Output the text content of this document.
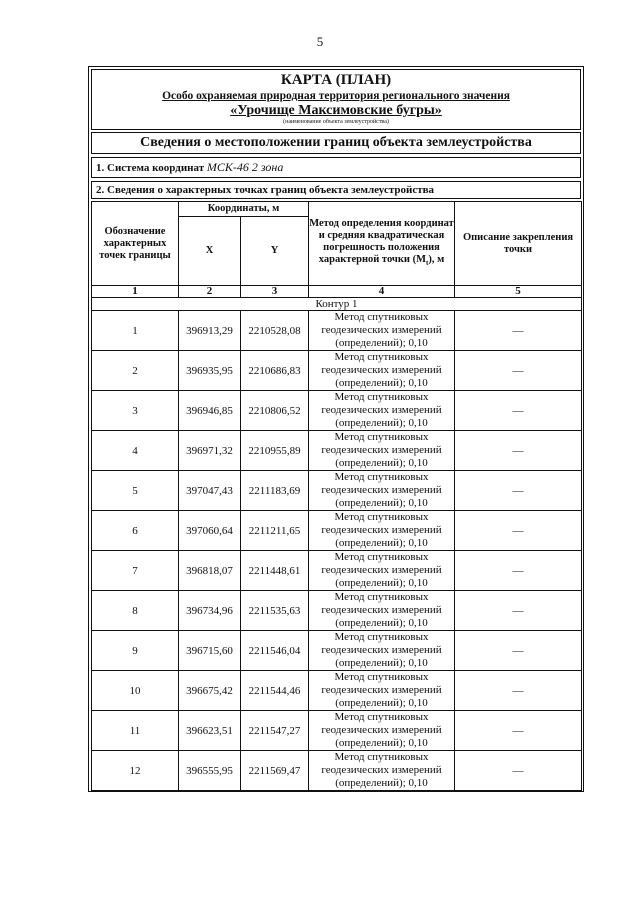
5
КАРТА (ПЛАН)
Особо охраняемая природная территория регионального значения
«Урочище Максимовские бугры»
(наименование объекта землеустройства)
Сведения о местоположении границ объекта землеустройства
1. Система координат МСК-46 2 зона
2. Сведения о характерных точках границ объекта землеустройства
Обозначение характерных точек границы	Координаты, м		Метод определения координат и средняя квадратическая погрешность положения характерной точки $(M_t)$, м	Описание закрепления точки
	X	Y		
1	2	3	4	5
Контур 1				
1	396913,29	2210528,08	Метод спутниковых
геодезических измерений
(определений); 0,10	—
2	396935,95	2210686,83	Метод спутниковых
геодезических измерений
(определений); 0,10	—
3	396946,85	2210806,52	Метод спутниковых
геодезических измерений
(определений); 0,10	—
4	396971,32	2210955,89	Метод спутниковых
геодезических измерений
(определений); 0,10	—
5	397047,43	2211183,69	Метод спутниковых
геодезических измерений
(определений); 0,10	—
6	397060,64	2211211,65	Метод спутниковых
геодезических измерений
(определений); 0,10	—
7	396818,07	2211448,61	Метод спутниковых
геодезических измерений
(определений); 0,10	—
8	396734,96	2211535,63	Метод спутниковых
геодезических измерений
(определений); 0,10	—
9	396715,60	2211546,04	Метод спутниковых
геодезических измерений
(определений); 0,10	—
10	396675,42	2211544,46	Метод спутниковых
геодезических измерений
(определений); 0,10	—
11	396623,51	2211547,27	Метод спутниковых
геодезических измерений
(определений); 0,10	—
12	396555,95	2211569,47	Метод спутниковых
геодезических измерений
(определений); 0,10	—
